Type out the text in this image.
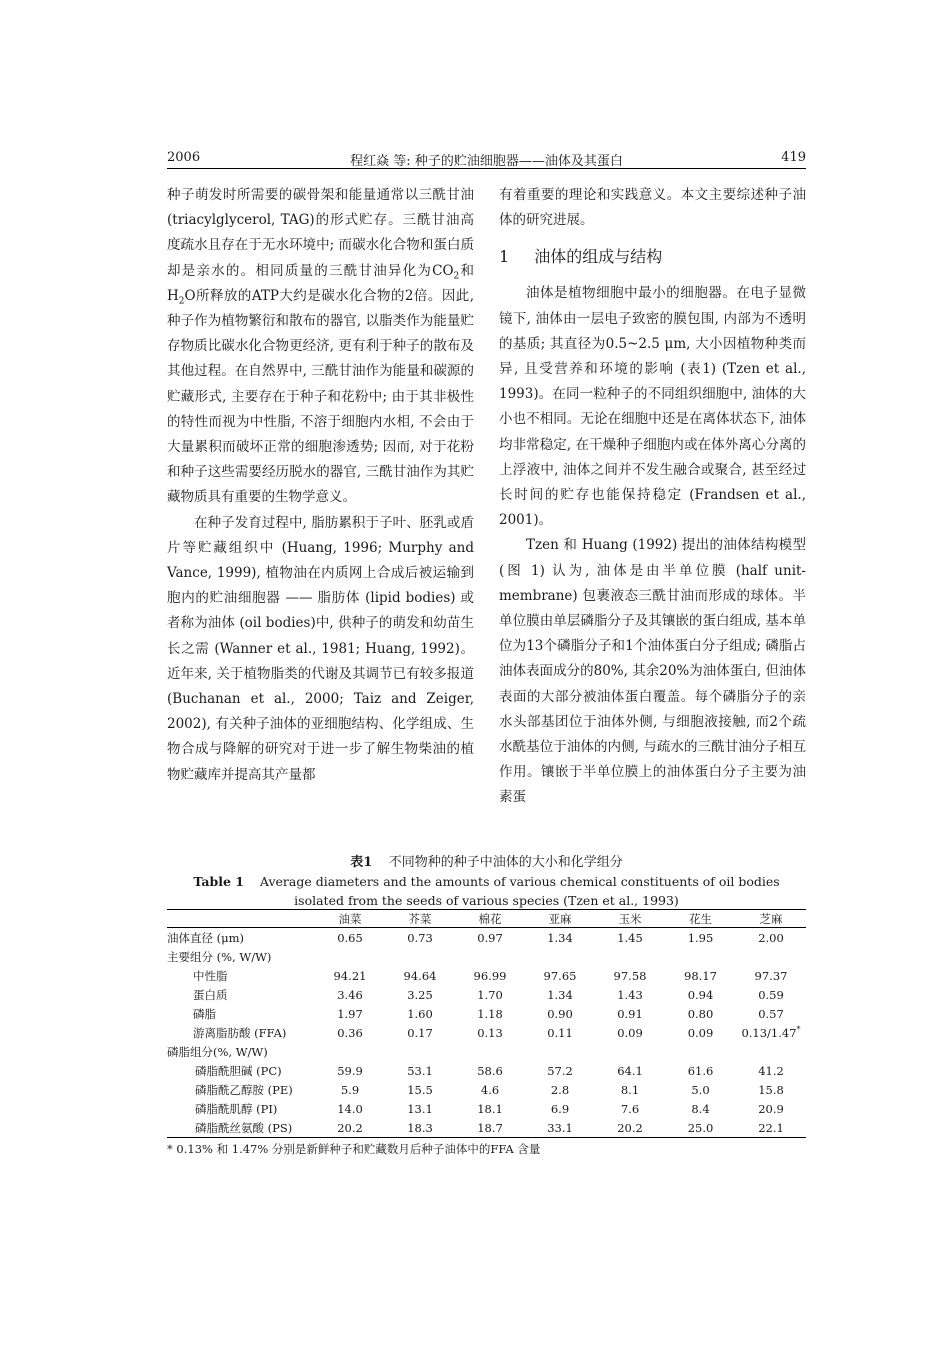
2006	程红焱 等: 种子的贮油细胞器——油体及其蛋白	419

种子萌发时所需要的碳骨架和能量通常以三酰甘油(triacylglycerol, TAG)的形式贮存。三酰甘油高度疏水且存在于无水环境中; 而碳水化合物和蛋白质却是亲水的。相同质量的三酰甘油异化为$CO_2$和$H_2O$所释放的ATP大约是碳水化合物的2倍。因此, 种子作为植物繁衍和散布的器官, 以脂类作为能量贮存物质比碳水化合物更经济, 更有利于种子的散布及其他过程。在自然界中, 三酰甘油作为能量和碳源的贮藏形式, 主要存在于种子和花粉中; 由于其非极性的特性而视为中性脂, 不溶于细胞内水相, 不会由于大量累积而破坏正常的细胞渗透势; 因而, 对于花粉和种子这些需要经历脱水的器官, 三酰甘油作为其贮藏物质具有重要的生物学意义。

在种子发育过程中, 脂肪累积于子叶、胚乳或盾片等贮藏组织中 (Huang, 1996; Murphy and Vance, 1999), 植物油在内质网上合成后被运输到胞内的贮油细胞器 —— 脂肪体 (lipid bodies) 或者称为油体 (oil bodies)中, 供种子的萌发和幼苗生长之需 (Wanner et al., 1981; Huang, 1992)。近年来, 关于植物脂类的代谢及其调节已有较多报道 (Buchanan et al., 2000; Taiz and Zeiger, 2002), 有关种子油体的亚细胞结构、化学组成、生物合成与降解的研究对于进一步了解生物柴油的植物贮藏库并提高其产量都

有着重要的理论和实践意义。本文主要综述种子油体的研究进展。

1 油体的组成与结构

油体是植物细胞中最小的细胞器。在电子显微镜下, 油体由一层电子致密的膜包围, 内部为不透明的基质; 其直径为0.5~2.5 μm, 大小因植物种类而异, 且受营养和环境的影响 (表1) (Tzen et al., 1993)。在同一粒种子的不同组织细胞中, 油体的大小也不相同。无论在细胞中还是在离体状态下, 油体均非常稳定, 在干燥种子细胞内或在体外离心分离的上浮液中, 油体之间并不发生融合或聚合, 甚至经过长时间的贮存也能保持稳定 (Frandsen et al., 2001)。

Tzen 和 Huang (1992) 提出的油体结构模型 (图 1) 认为, 油体是由半单位膜 (half unit-membrane) 包裹液态三酰甘油而形成的球体。半单位膜由单层磷脂分子及其镶嵌的蛋白组成, 基本单位为13个磷脂分子和1个油体蛋白分子组成; 磷脂占油体表面成分的80%, 其余20%为油体蛋白, 但油体表面的大部分被油体蛋白覆盖。每个磷脂分子的亲水头部基团位于油体外侧, 与细胞液接触, 而2个疏水酰基位于油体的内侧, 与疏水的三酰甘油分子相互作用。镶嵌于半单位膜上的油体蛋白分子主要为油素蛋

表1 不同物种的种子中油体的大小和化学组分
Table 1 Average diameters and the amounts of various chemical constituents of oil bodies isolated from the seeds of various species (Tzen et al., 1993)
	油菜	芥菜	棉花	亚麻	玉米	花生	芝麻
油体直径 (μm)	0.65	0.73	0.97	1.34	1.45	1.95	2.00
主要组分 (%, W/W)							
中性脂	94.21	94.64	96.99	97.65	97.58	98.17	97.37
蛋白质	3.46	3.25	1.70	1.34	1.43	0.94	0.59
磷脂	1.97	1.60	1.18	0.90	0.91	0.80	0.57
游离脂肪酸 (FFA)	0.36	0.17	0.13	0.11	0.09	0.09	0.13/1.47*
磷脂组分(%, W/W)							
磷脂酰胆碱 (PC)	59.9	53.1	58.6	57.2	64.1	61.6	41.2
磷脂酰乙醇胺 (PE)	5.9	15.5	4.6	2.8	8.1	5.0	15.8
磷脂酰肌醇 (PI)	14.0	13.1	18.1	6.9	7.6	8.4	20.9
磷脂酰丝氨酸 (PS)	20.2	18.3	18.7	33.1	20.2	25.0	22.1
* 0.13% 和 1.47% 分别是新鲜种子和贮藏数月后种子油体中的FFA 含量
